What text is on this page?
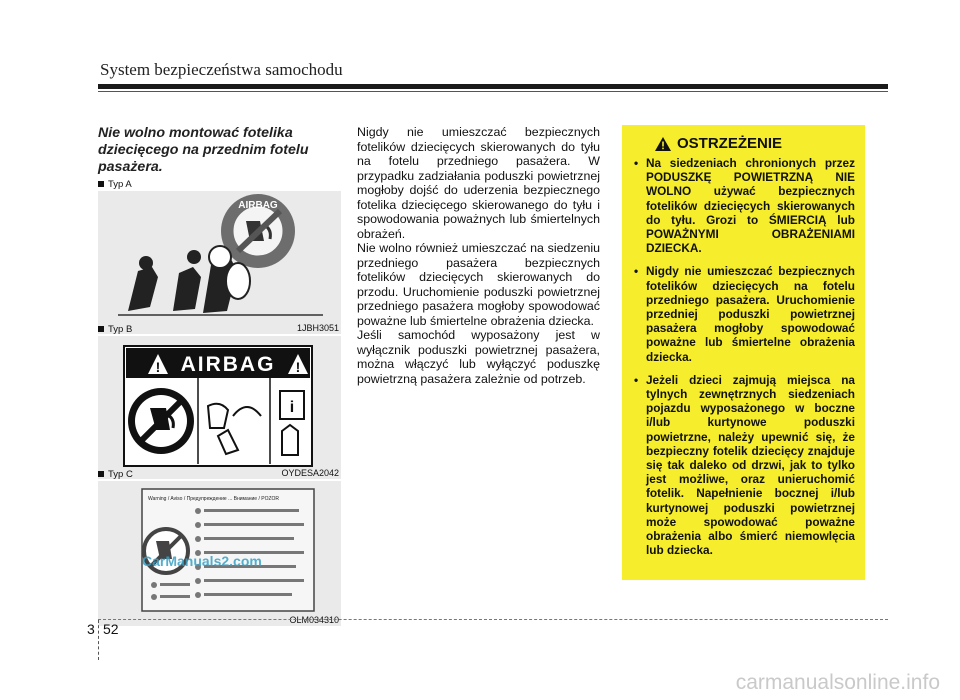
System bezpieczeństwa samochodu
Nie wolno montować fotelika dziecięcego na przednim fotelu pasażera.
Typ A
AIRBAG
1JBH3051
Typ B
! AIRBAG !
i
OYDESA2042
Typ C
Warning / Aviso / Предупреждение ... Внимание / POZOR
OLM034310
CarManuals2.com

Nigdy nie umieszczać bezpiecznych fotelików dziecięcych skierowanych do tyłu na fotelu przedniego pasażera. W przypadku zadziałania poduszki powietrznej mogłoby dojść do uderzenia bezpiecznego fotelika dziecięcego skierowanego do tyłu i spowodowania poważnych lub śmiertelnych obrażeń.

Nie wolno również umieszczać na siedzeniu przedniego pasażera bezpiecznych fotelików dziecięcych skierowanych do przodu. Uruchomienie poduszki powietrznej przedniego pasażera mogłoby spowodować poważne lub śmiertelne obrażenia dziecka.

Jeśli samochód wyposażony jest w wyłącznik poduszki powietrznej pasażera, można włączyć lub wyłączyć poduszkę powietrzną pasażera zależnie od potrzeb.

OSTRZEŻENIE
• Na siedzeniach chronionych przez PODUSZKĘ POWIETRZNĄ NIE WOLNO używać bezpiecznych fotelików dziecięcych skierowanych do tyłu. Grozi to ŚMIERCIĄ lub POWAŻNYMI OBRAŻENIAMI DZIECKA.
• Nigdy nie umieszczać bezpiecznych fotelików dziecięcych na fotelu przedniego pasażera. Uruchomienie przedniej poduszki powietrznej pasażera mogłoby spowodować poważne lub śmiertelne obrażenia dziecka.
• Jeżeli dzieci zajmują miejsca na tylnych zewnętrznych siedzeniach pojazdu wyposażonego w boczne i/lub kurtynowe poduszki powietrzne, należy upewnić się, że bezpieczny fotelik dziecięcy znajduje się tak daleko od drzwi, jak to tylko jest możliwe, oraz unieruchomić fotelik. Napełnienie bocznej i/lub kurtynowej poduszki powietrznej może spowodować poważne obrażenia albo śmierć niemowlęcia lub dziecka.
3 52
carmanualsonline.info
